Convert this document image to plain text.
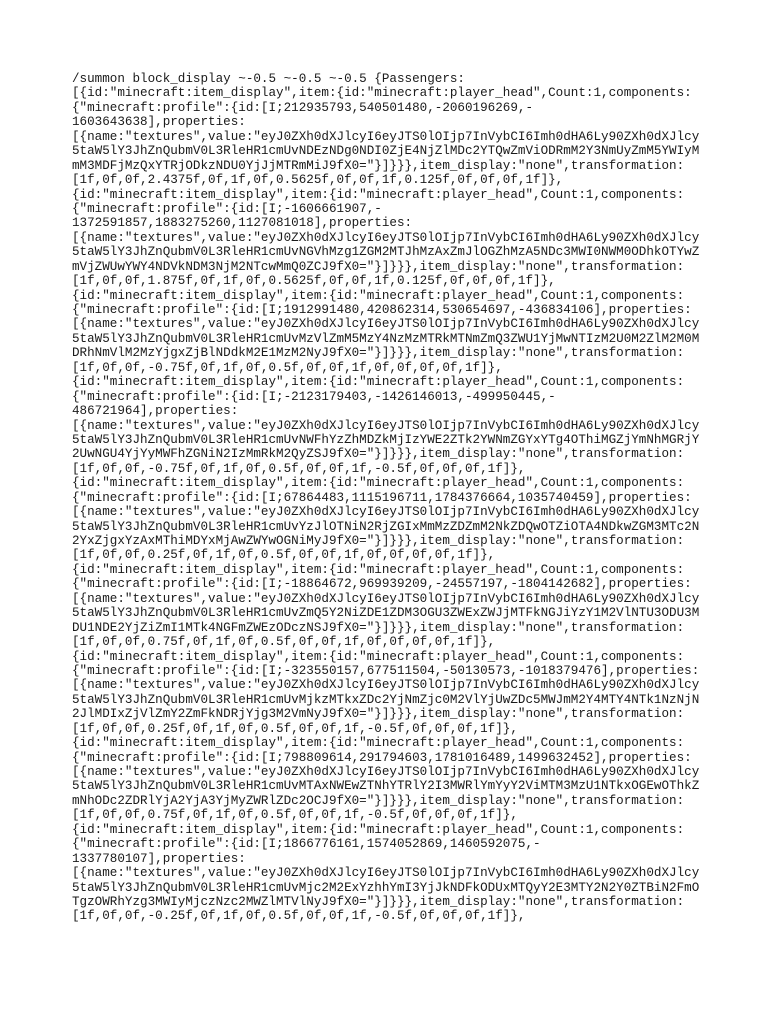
/summon block_display ~-0.5 ~-0.5 ~-0.5 {Passengers:
[{id:"minecraft:item_display",item:{id:"minecraft:player_head",Count:1,components:
{"minecraft:profile":{id:[I;212935793,540501480,-2060196269,-
1603643638],properties:
[{name:"textures",value:"eyJ0ZXh0dXJlcyI6eyJTS0lOIjp7InVybCI6Imh0dHA6Ly90ZXh0dXJlcy
5taW5lY3JhZnQubmV0L3RleHR1cmUvNDEzNDg0NDI0ZjE4NjZlMDc2YTQwZmViODRmM2Y3NmUyZmM5YWIyM
mM3MDFjMzQxYTRjODkzNDU0YjJjMTRmMiJ9fX0="}]}}},item_display:"none",transformation:
[1f,0f,0f,2.4375f,0f,1f,0f,0.5625f,0f,0f,1f,0.125f,0f,0f,0f,1f]},
{id:"minecraft:item_display",item:{id:"minecraft:player_head",Count:1,components:
{"minecraft:profile":{id:[I;-1606661907,-
1372591857,1883275260,1127081018],properties:
[{name:"textures",value:"eyJ0ZXh0dXJlcyI6eyJTS0lOIjp7InVybCI6Imh0dHA6Ly90ZXh0dXJlcy
5taW5lY3JhZnQubmV0L3RleHR1cmUvNGVhMzg1ZGM2MTJhMzAxZmJlOGZhMzA5NDc3MWI0NWM0ODhkOTYwZ
mVjZWUwYWY4NDVkNDM3NjM2NTcwMmQ0ZCJ9fX0="}]}}},item_display:"none",transformation:
[1f,0f,0f,1.875f,0f,1f,0f,0.5625f,0f,0f,1f,0.125f,0f,0f,0f,1f]},
{id:"minecraft:item_display",item:{id:"minecraft:player_head",Count:1,components:
{"minecraft:profile":{id:[I;1912991480,420862314,530654697,-436834106],properties:
[{name:"textures",value:"eyJ0ZXh0dXJlcyI6eyJTS0lOIjp7InVybCI6Imh0dHA6Ly90ZXh0dXJlcy
5taW5lY3JhZnQubmV0L3RleHR1cmUvMzVlZmM5MzY4NzMzMTRkMTNmZmQ3ZWU1YjMwNTIzM2U0M2ZlM2M0M
DRhNmVlM2MzYjgxZjBlNDdkM2E1MzM2NyJ9fX0="}]}}},item_display:"none",transformation:
[1f,0f,0f,-0.75f,0f,1f,0f,0.5f,0f,0f,1f,0f,0f,0f,0f,1f]},
{id:"minecraft:item_display",item:{id:"minecraft:player_head",Count:1,components:
{"minecraft:profile":{id:[I;-2123179403,-1426146013,-499950445,-
486721964],properties:
[{name:"textures",value:"eyJ0ZXh0dXJlcyI6eyJTS0lOIjp7InVybCI6Imh0dHA6Ly90ZXh0dXJlcy
5taW5lY3JhZnQubmV0L3RleHR1cmUvNWFhYzZhMDZkMjIzYWE2ZTk2YWNmZGYxYTg4OThiMGZjYmNhMGRjY
2UwNGU4YjYyMWFhZGNiN2IzMmRkM2QyZSJ9fX0="}]}}},item_display:"none",transformation:
[1f,0f,0f,-0.75f,0f,1f,0f,0.5f,0f,0f,1f,-0.5f,0f,0f,0f,1f]},
{id:"minecraft:item_display",item:{id:"minecraft:player_head",Count:1,components:
{"minecraft:profile":{id:[I;67864483,1115196711,1784376664,1035740459],properties:
[{name:"textures",value:"eyJ0ZXh0dXJlcyI6eyJTS0lOIjp7InVybCI6Imh0dHA6Ly90ZXh0dXJlcy
5taW5lY3JhZnQubmV0L3RleHR1cmUvYzJlOTNiN2RjZGIxMmMzZDZmM2NkZDQwOTZiOTA4NDkwZGM3MTc2N
2YxZjgxYzAxMThiMDYxMjAwZWYwOGNiMyJ9fX0="}]}}},item_display:"none",transformation:
[1f,0f,0f,0.25f,0f,1f,0f,0.5f,0f,0f,1f,0f,0f,0f,0f,1f]},
{id:"minecraft:item_display",item:{id:"minecraft:player_head",Count:1,components:
{"minecraft:profile":{id:[I;-18864672,969939209,-24557197,-1804142682],properties:
[{name:"textures",value:"eyJ0ZXh0dXJlcyI6eyJTS0lOIjp7InVybCI6Imh0dHA6Ly90ZXh0dXJlcy
5taW5lY3JhZnQubmV0L3RleHR1cmUvZmQ5Y2NiZDE1ZDM3OGU3ZWExZWJjMTFkNGJiYzY1M2VlNTU3ODU3M
DU1NDE2YjZiZmI1MTk4NGFmZWEzODczNSJ9fX0="}]}}},item_display:"none",transformation:
[1f,0f,0f,0.75f,0f,1f,0f,0.5f,0f,0f,1f,0f,0f,0f,0f,1f]},
{id:"minecraft:item_display",item:{id:"minecraft:player_head",Count:1,components:
{"minecraft:profile":{id:[I;-323550157,677511504,-50130573,-1018379476],properties:
[{name:"textures",value:"eyJ0ZXh0dXJlcyI6eyJTS0lOIjp7InVybCI6Imh0dHA6Ly90ZXh0dXJlcy
5taW5lY3JhZnQubmV0L3RleHR1cmUvMjkzMTkxZDc2YjNmZjc0M2VlYjUwZDc5MWJmM2Y4MTY4NTk1NzNjN
2JlMDIxZjVlZmY2ZmFkNDRjYjg3M2VmNyJ9fX0="}]}}},item_display:"none",transformation:
[1f,0f,0f,0.25f,0f,1f,0f,0.5f,0f,0f,1f,-0.5f,0f,0f,0f,1f]},
{id:"minecraft:item_display",item:{id:"minecraft:player_head",Count:1,components:
{"minecraft:profile":{id:[I;798809614,291794603,1781016489,1499632452],properties:
[{name:"textures",value:"eyJ0ZXh0dXJlcyI6eyJTS0lOIjp7InVybCI6Imh0dHA6Ly90ZXh0dXJlcy
5taW5lY3JhZnQubmV0L3RleHR1cmUvMTAxNWEwZTNhYTRlY2I3MWRlYmYyY2ViMTM3MzU1NTkxOGEwOThkZ
mNhODc2ZDRlYjA2YjA3YjMyZWRlZDc2OCJ9fX0="}]}}},item_display:"none",transformation:
[1f,0f,0f,0.75f,0f,1f,0f,0.5f,0f,0f,1f,-0.5f,0f,0f,0f,1f]},
{id:"minecraft:item_display",item:{id:"minecraft:player_head",Count:1,components:
{"minecraft:profile":{id:[I;1866776161,1574052869,1460592075,-
1337780107],properties:
[{name:"textures",value:"eyJ0ZXh0dXJlcyI6eyJTS0lOIjp7InVybCI6Imh0dHA6Ly90ZXh0dXJlcy
5taW5lY3JhZnQubmV0L3RleHR1cmUvMjc2M2ExYzhhYmI3YjJkNDFkODUxMTQyY2E3MTY2N2Y0ZTBiN2FmO
TgzOWRhYzg3MWIyMjczNzc2MWZlMTVlNyJ9fX0="}]}}},item_display:"none",transformation:
[1f,0f,0f,-0.25f,0f,1f,0f,0.5f,0f,0f,1f,-0.5f,0f,0f,0f,1f]},
